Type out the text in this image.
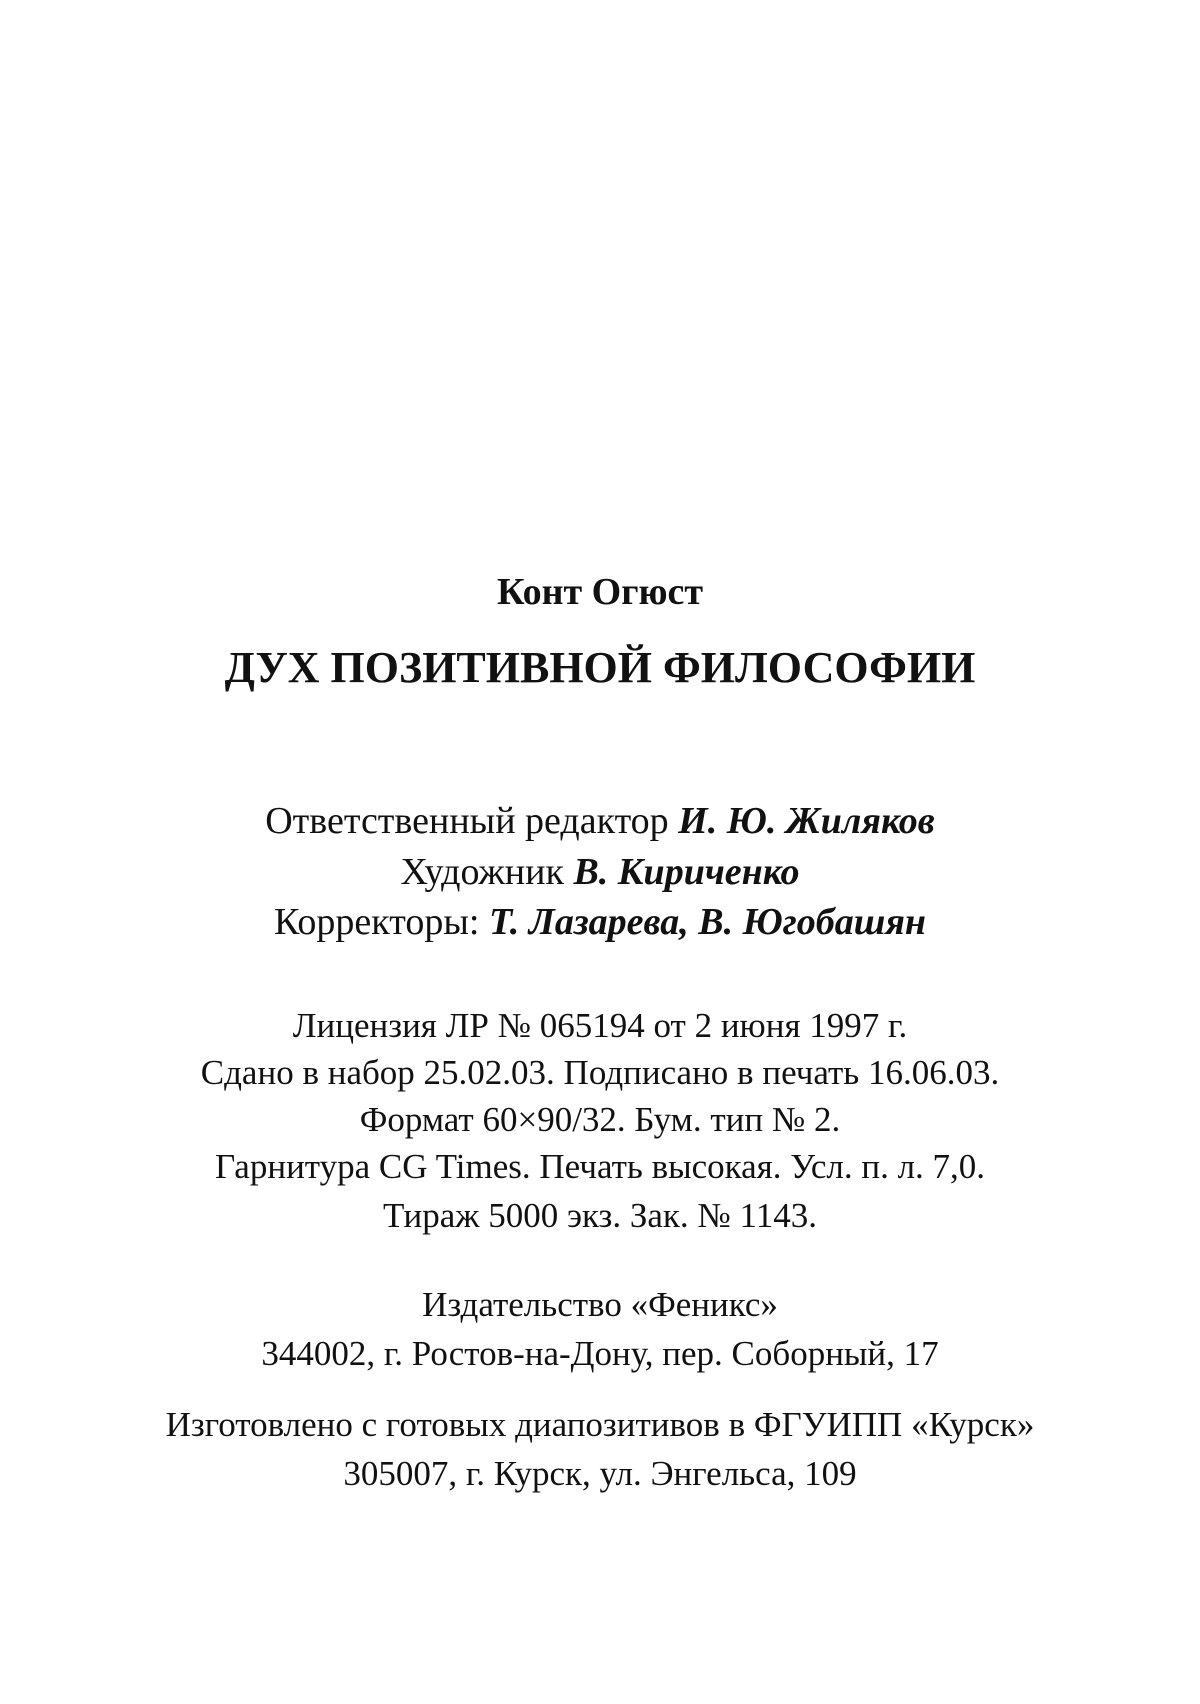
Конт Огюст
ДУХ ПОЗИТИВНОЙ ФИЛОСОФИИ
Ответственный редактор И. Ю. Жиляков
Художник В. Кириченко
Корректоры: Т. Лазарева, В. Югобашян
Лицензия ЛР № 065194 от 2 июня 1997 г.
Сдано в набор 25.02.03. Подписано в печать 16.06.03.
Формат 60×90/32. Бум. тип № 2.
Гарнитура CG Times. Печать высокая. Усл. п. л. 7,0.
Тираж 5000 экз. Зак. № 1143.
Издательство «Феникс»
344002, г. Ростов-на-Дону, пер. Соборный, 17
Изготовлено с готовых диапозитивов в ФГУИПП «Курск»
305007, г. Курск, ул. Энгельса, 109
